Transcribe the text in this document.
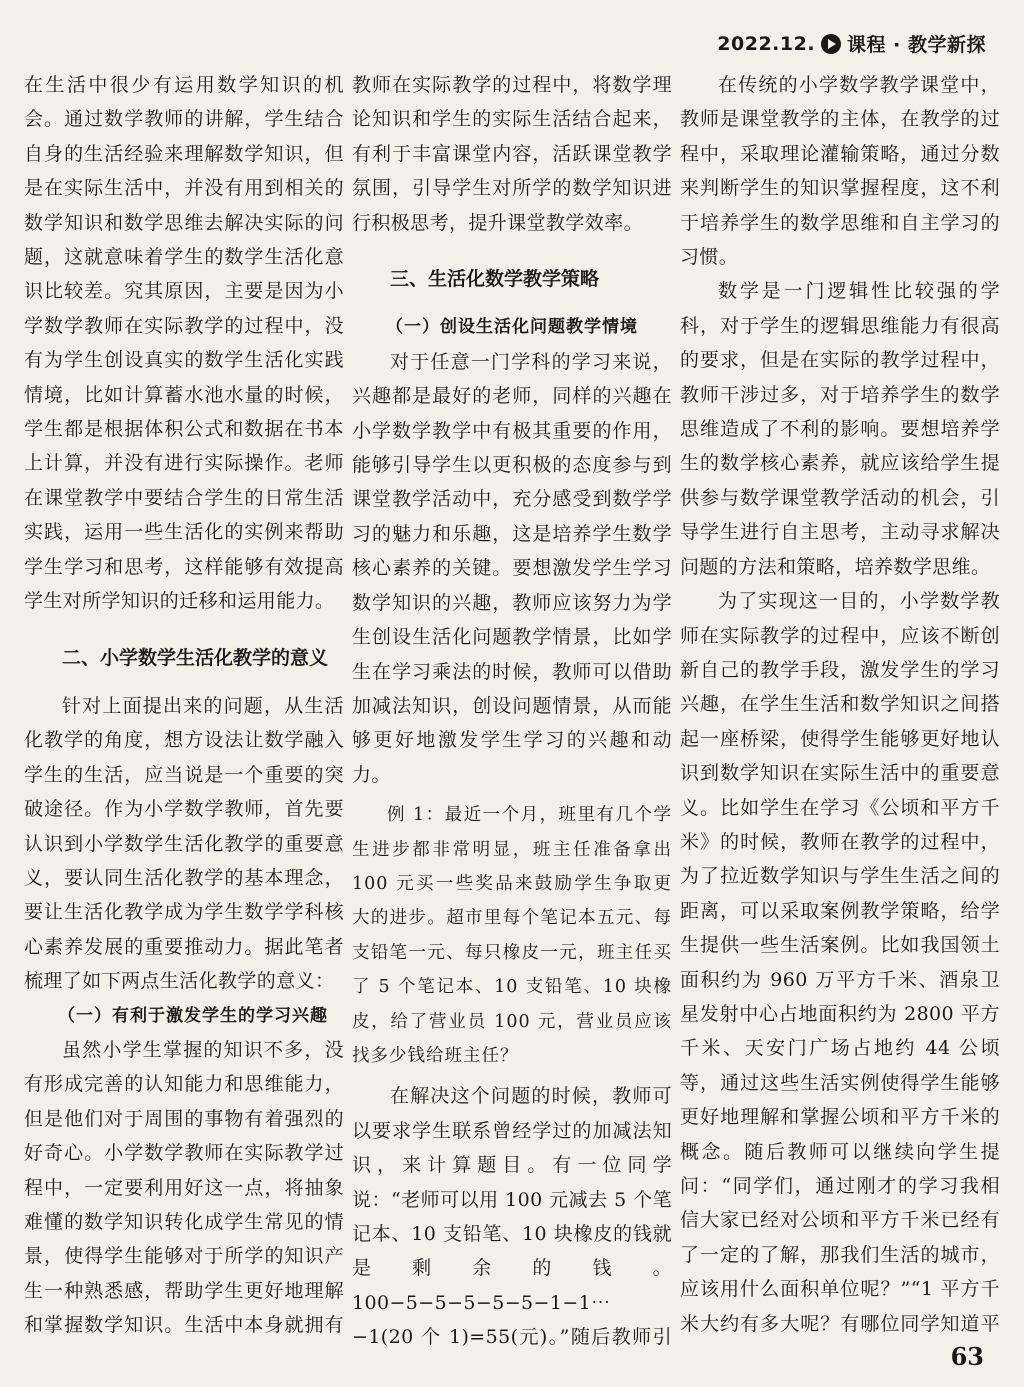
2022.12. 课程 · 教学新探

在生活中很少有运用数学知识的机会。通过数学教师的讲解，学生结合自身的生活经验来理解数学知识，但是在实际生活中，并没有用到相关的数学知识和数学思维去解决实际的问题，这就意味着学生的数学生活化意识比较差。究其原因，主要是因为小学数学教师在实际教学的过程中，没有为学生创设真实的数学生活化实践情境，比如计算蓄水池水量的时候，学生都是根据体积公式和数据在书本上计算，并没有进行实际操作。老师在课堂教学中要结合学生的日常生活实践，运用一些生活化的实例来帮助学生学习和思考，这样能够有效提高学生对所学知识的迁移和运用能力。

二、小学数学生活化教学的意义

针对上面提出来的问题，从生活化教学的角度，想方设法让数学融入学生的生活，应当说是一个重要的突破途径。作为小学数学教师，首先要认识到小学数学生活化教学的重要意义，要认同生活化教学的基本理念，要让生活化教学成为学生数学学科核心素养发展的重要推动力。据此笔者梳理了如下两点生活化教学的意义：

（一）有利于激发学生的学习兴趣

虽然小学生掌握的知识不多，没有形成完善的认知能力和思维能力，但是他们对于周围的事物有着强烈的好奇心。小学数学教师在实际教学过程中，一定要利用好这一点，将抽象难懂的数学知识转化成学生常见的情景，使得学生能够对于所学的知识产生一种熟悉感，帮助学生更好地理解和掌握数学知识。生活中本身就拥有

教师在实际教学的过程中，将数学理论知识和学生的实际生活结合起来，有利于丰富课堂内容，活跃课堂教学氛围，引导学生对所学的数学知识进行积极思考，提升课堂教学效率。

三、生活化数学教学策略
（一）创设生活化问题教学情境

对于任意一门学科的学习来说，兴趣都是最好的老师，同样的兴趣在小学数学教学中有极其重要的作用，能够引导学生以更积极的态度参与到课堂教学活动中，充分感受到数学学习的魅力和乐趣，这是培养学生数学核心素养的关键。要想激发学生学习数学知识的兴趣，教师应该努力为学生创设生活化问题教学情景，比如学生在学习乘法的时候，教师可以借助加减法知识，创设问题情景，从而能够更好地激发学生学习的兴趣和动力。

例 1：最近一个月，班里有几个学生进步都非常明显，班主任准备拿出 100 元买一些奖品来鼓励学生争取更大的进步。超市里每个笔记本五元、每支铅笔一元、每只橡皮一元，班主任买了 5 个笔记本、10 支铅笔、10 块橡皮，给了营业员 100 元，营业员应该找多少钱给班主任？

在解决这个问题的时候，教师可以要求学生联系曾经学过的加减法知识，来计算题目。有一位同学说：“老师可以用 100 元减去 5 个笔记本、10 支铅笔、10 块橡皮的钱就是剩余的钱。100−5−5−5−5−5−1−1⋯−1(20 个 1)=55(元)。”随后教师引

在传统的小学数学教学课堂中，教师是课堂教学的主体，在教学的过程中，采取理论灌输策略，通过分数来判断学生的知识掌握程度，这不利于培养学生的数学思维和自主学习的习惯。

数学是一门逻辑性比较强的学科，对于学生的逻辑思维能力有很高的要求，但是在实际的教学过程中，教师干涉过多，对于培养学生的数学思维造成了不利的影响。要想培养学生的数学核心素养，就应该给学生提供参与数学课堂教学活动的机会，引导学生进行自主思考，主动寻求解决问题的方法和策略，培养数学思维。

为了实现这一目的，小学数学教师在实际教学的过程中，应该不断创新自己的教学手段，激发学生的学习兴趣，在学生生活和数学知识之间搭起一座桥梁，使得学生能够更好地认识到数学知识在实际生活中的重要意义。比如学生在学习《公顷和平方千米》的时候，教师在教学的过程中，为了拉近数学知识与学生生活之间的距离，可以采取案例教学策略，给学生提供一些生活案例。比如我国领土面积约为 960 万平方千米、酒泉卫星发射中心占地面积约为 2800 平方千米、天安门广场占地约 44 公顷等，通过这些生活实例使得学生能够更好地理解和掌握公顷和平方千米的概念。随后教师可以继续向学生提问：“同学们，通过刚才的学习我相信大家已经对公顷和平方千米已经有了一定的了解，那我们生活的城市，应该用什么面积单位呢？”“1 平方千米大约有多大呢？有哪位同学知道平

63
